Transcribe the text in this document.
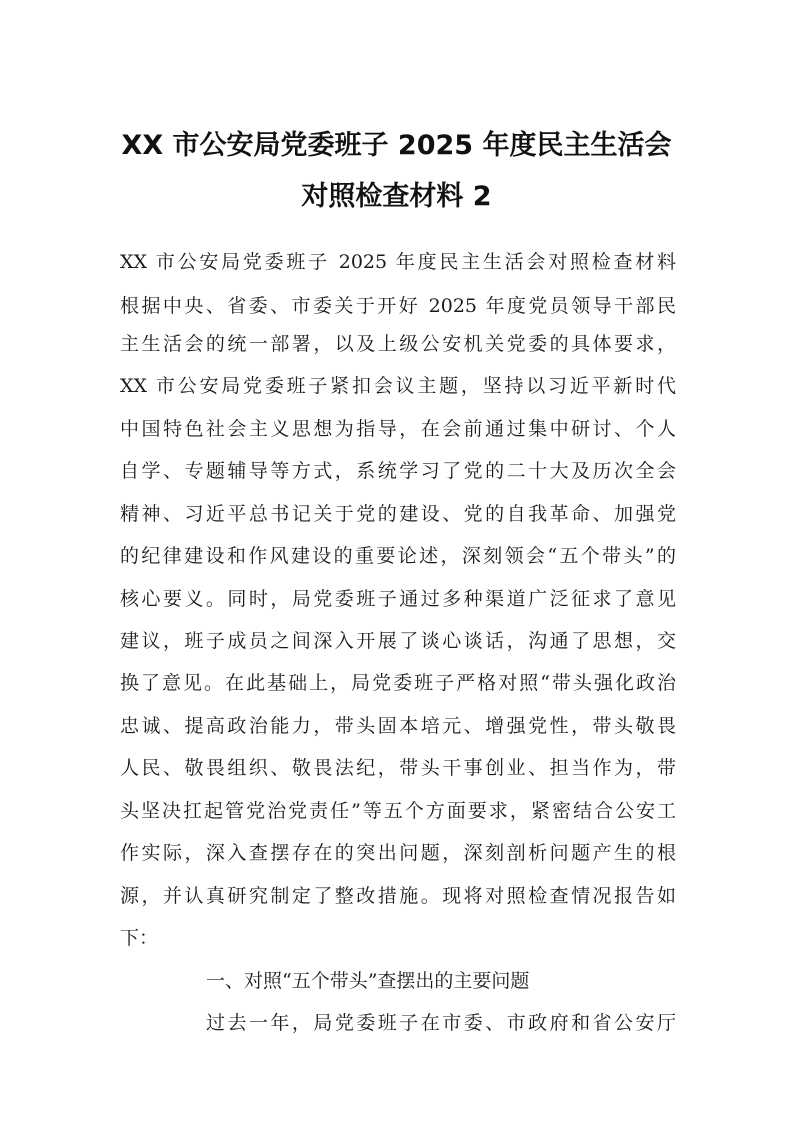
XX 市公安局党委班子 2025 年度民主生活会
对照检查材料 2
XX 市公安局党委班子 2025 年度民主生活会对照检查材料
根据中央、省委、市委关于开好 2025 年度党员领导干部民
主生活会的统一部署，以及上级公安机关党委的具体要求，
XX 市公安局党委班子紧扣会议主题，坚持以习近平新时代
中国特色社会主义思想为指导，在会前通过集中研讨、个人
自学、专题辅导等方式，系统学习了党的二十大及历次全会
精神、习近平总书记关于党的建设、党的自我革命、加强党
的纪律建设和作风建设的重要论述，深刻领会“五个带头”的
核心要义。同时，局党委班子通过多种渠道广泛征求了意见
建议，班子成员之间深入开展了谈心谈话，沟通了思想，交
换了意见。在此基础上，局党委班子严格对照“带头强化政治
忠诚、提高政治能力，带头固本培元、增强党性，带头敬畏
人民、敬畏组织、敬畏法纪，带头干事创业、担当作为，带
头坚决扛起管党治党责任”等五个方面要求，紧密结合公安工
作实际，深入查摆存在的突出问题，深刻剖析问题产生的根
源，并认真研究制定了整改措施。现将对照检查情况报告如
下：
一、对照“五个带头”查摆出的主要问题
过去一年，局党委班子在市委、市政府和省公安厅
